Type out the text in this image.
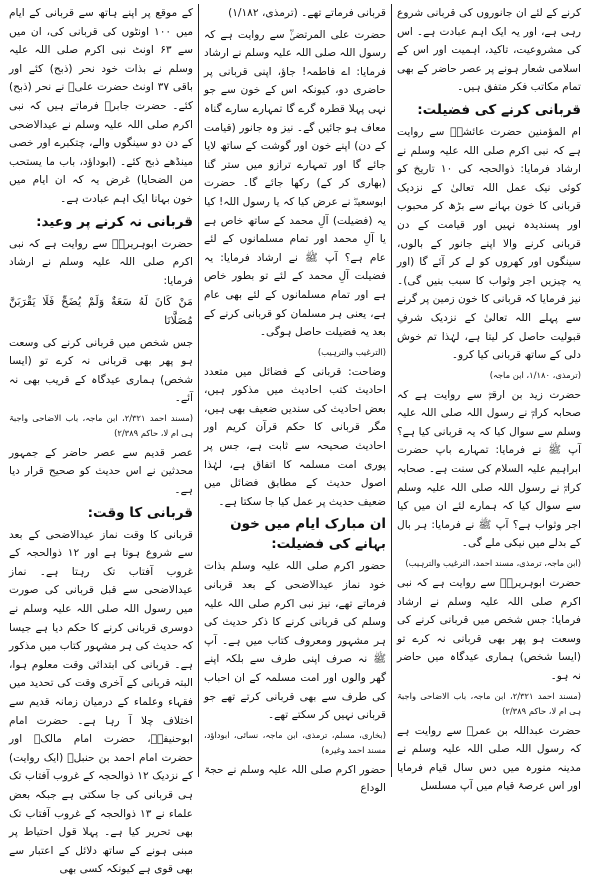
کرنے کے لئے ان جانوروں کی قربانی شروع رہی ہے، اور یہ ایک اہم عبادت ہے۔ اس کی مشروعیت، تاکید، اہمیت اور اس کے اسلامی شعار ہونے پر عصر حاضر کے بھی تمام مکاتب فکر متفق ہیں۔

قربانی کرنے کی فضیلت:

ام المؤمنین حضرت عائشہؓ سے روایت ہے کہ نبی اکرم صلی اللہ علیہ وسلم نے ارشاد فرمایا: ذوالحجہ کی ۱۰ تاریخ کو کوئی نیک عمل اللہ تعالیٰ کے نزدیک قربانی کا خون بہانے سے بڑھ کر محبوب اور پسندیدہ نہیں اور قیامت کے دن قربانی کرنے والا اپنے جانور کے بالوں، سینگوں اور کھروں کو لے کر آئے گا (اور یہ چیزیں اجر وثواب کا سبب بنیں گی)۔ نیز فرمایا کہ قربانی کا خون زمین پر گرنے سے پہلے اللہ تعالیٰ کے نزدیک شرفِ قبولیت حاصل کر لیتا ہے، لہٰذا تم خوش دلی کے ساتھ قربانی کیا کرو۔

(ترمذی، ۱/۱۸۰، ابن ماجہ)

حضرت زید بن ارقمؓ سے روایت ہے کہ صحابہ کرامؓ نے رسول اللہ صلی اللہ علیہ وسلم سے سوال کیا کہ یہ قربانی کیا ہے؟ آپ ﷺ نے فرمایا: تمہارے باپ حضرت ابراہیم علیہ السلام کی سنت ہے۔ صحابہ کرامؓ نے رسول اللہ صلی اللہ علیہ وسلم سے سوال کیا کہ ہمارے لئے ان میں کیا اجر وثواب ہے؟ آپ ﷺ نے فرمایا: ہر بال کے بدلے میں نیکی ملے گی۔

(ابن ماجہ، ترمذی، مسند احمد، الترغیب والترہیب)

حضرت ابوہریرہؓ سے روایت ہے کہ نبی اکرم صلی اللہ علیہ وسلم نے ارشاد فرمایا: جس شخص میں قربانی کرنے کی وسعت ہو پھر بھی قربانی نہ کرے تو (ایسا شخص) ہماری عیدگاہ میں حاضر نہ ہو۔

(مسند احمد ۲/۳۲۱، ابن ماجہ، باب الاضاحی واجبۃ ہی ام لا، حاکم ۲/۳۸۹)

حضرت عبداللہ بن عمرؓ سے روایت ہے کہ رسول اللہ صلی اللہ علیہ وسلم نے مدینہ منورہ میں دس سال قیام فرمایا اور اس عرصۂ قیام میں آپ مسلسل

قربانی فرماتے تھے۔ (ترمذی، ۱/۱۸۲)

حضرت علی المرتضیٰؓ سے روایت ہے کہ رسول اللہ صلی اللہ علیہ وسلم نے ارشاد فرمایا: اے فاطمہ! جاؤ، اپنی قربانی پر حاضری دو، کیونکہ اس کے خون سے جو نہی پہلا قطرہ گرے گا تمہارے سارے گناہ معاف ہو جائیں گے۔ نیز وہ جانور (قیامت کے دن) اپنے خون اور گوشت کے ساتھ لایا جائے گا اور تمہارے ترازو میں ستر گنا (بھاری کر کے) رکھا جائے گا۔ حضرت ابوسعیدؓ نے عرض کیا کہ یا رسول اللہ! کیا یہ (فضیلت) آلِ محمد کے ساتھ خاص ہے یا آلِ محمد اور تمام مسلمانوں کے لئے عام ہے؟ آپ ﷺ نے ارشاد فرمایا: یہ فضیلت آلِ محمد کے لئے تو بطور خاص ہے اور تمام مسلمانوں کے لئے بھی عام ہے، یعنی ہر مسلمان کو قربانی کرنے کے بعد یہ فضیلت حاصل ہوگی۔

(الترغیب والترہیب)

وضاحت: قربانی کے فضائل میں متعدد احادیث کتب احادیث میں مذکور ہیں، بعض احادیث کی سندیں ضعیف بھی ہیں، مگر قربانی کا حکم قرآن کریم اور احادیث صحیحہ سے ثابت ہے، جس پر پوری امت مسلمہ کا اتفاق ہے، لہٰذا اصول حدیث کے مطابق فضائل میں ضعیف حدیث پر عمل کیا جا سکتا ہے۔

ان مبارک ایام میں خون بہانے کی فضیلت:

حضور اکرم صلی اللہ علیہ وسلم بذات خود نماز عیدالاضحی کے بعد قربانی فرماتے تھے، نیز نبی اکرم صلی اللہ علیہ وسلم کی قربانی کرنے کا ذکر حدیث کی ہر مشہور ومعروف کتاب میں ہے۔ آپ ﷺ نہ صرف اپنی طرف سے بلکہ اپنے گھر والوں اور امت مسلمہ کے ان احباب کی طرف سے بھی قربانی کرتے تھے جو قربانی نہیں کر سکتے تھے۔

(بخاری، مسلم، ترمذی، ابن ماجہ، نسائی، ابوداؤد، مسند احمد وغیرہ)

حضور اکرم صلی اللہ علیہ وسلم نے حجۃ الوداع

کے موقع پر اپنے ہاتھ سے قربانی کے ایام میں ۱۰۰ اونٹوں کی قربانی کی، ان میں سے ۶۳ اونٹ نبی اکرم صلی اللہ علیہ وسلم نے بذات خود نحر (ذبح) کئے اور باقی ۳۷ اونٹ حضرت علیؓ نے نحر (ذبح) کئے۔ حضرت جابرؓ فرماتے ہیں کہ نبی اکرم صلی اللہ علیہ وسلم نے عیدالاضحی کے دن دو سینگوں والے، چتکبرے اور خصی مینڈھے ذبح کئے۔ (ابوداؤد، باب ما یستحب من الضحایا) غرض یہ کہ ان ایام میں خون بہانا ایک اہم عبادت ہے۔

قربانی نہ کرنے پر وعید:

حضرت ابوہریرہؓ سے روایت ہے کہ نبی اکرم صلی اللہ علیہ وسلم نے ارشاد فرمایا:

مَنْ كَانَ لَهُ سَعَةٌ وَلَمْ يُضَحِّ فَلَا يَقْرَبَنَّ مُصَلَّانَا

جس شخص میں قربانی کرنے کی وسعت ہو پھر بھی قربانی نہ کرے تو (ایسا شخص) ہماری عیدگاہ کے قریب بھی نہ آئے۔

(مسند احمد ۲/۳۲۱، ابن ماجہ، باب الاضاحی واجبۃ ہی ام لا، حاکم ۲/۳۸۹)

عصر قدیم سے عصر حاضر کے جمہور محدثین نے اس حدیث کو صحیح قرار دیا ہے۔

قربانی کا وقت:

قربانی کا وقت نماز عیدالاضحی کے بعد سے شروع ہوتا ہے اور ۱۲ ذوالحجہ کے غروب آفتاب تک رہتا ہے۔ نماز عیدالاضحی سے قبل قربانی کی صورت میں رسول اللہ صلی اللہ علیہ وسلم نے دوسری قربانی کرنے کا حکم دیا ہے جیسا کہ حدیث کی ہر مشہور کتاب میں مذکور ہے۔ قربانی کی ابتدائی وقت معلوم ہوا، البتہ قربانی کے آخری وقت کی تحدید میں فقہاء وعلماء کے درمیان زمانہ قدیم سے اختلاف چلا آ رہا ہے۔ حضرت امام ابوحنیفہؒ، حضرت امام مالکؒ اور حضرت امام احمد بن حنبلؒ (ایک روایت) کے نزدیک ۱۲ ذوالحجہ کے غروب آفتاب تک ہی قربانی کی جا سکتی ہے جبکہ بعض علماء نے ۱۳ ذوالحجہ کے غروب آفتاب تک بھی تحریر کیا ہے۔ پہلا قول احتیاط پر مبنی ہونے کے ساتھ دلائل کے اعتبار سے بھی قوی ہے کیونکہ کسی بھی
